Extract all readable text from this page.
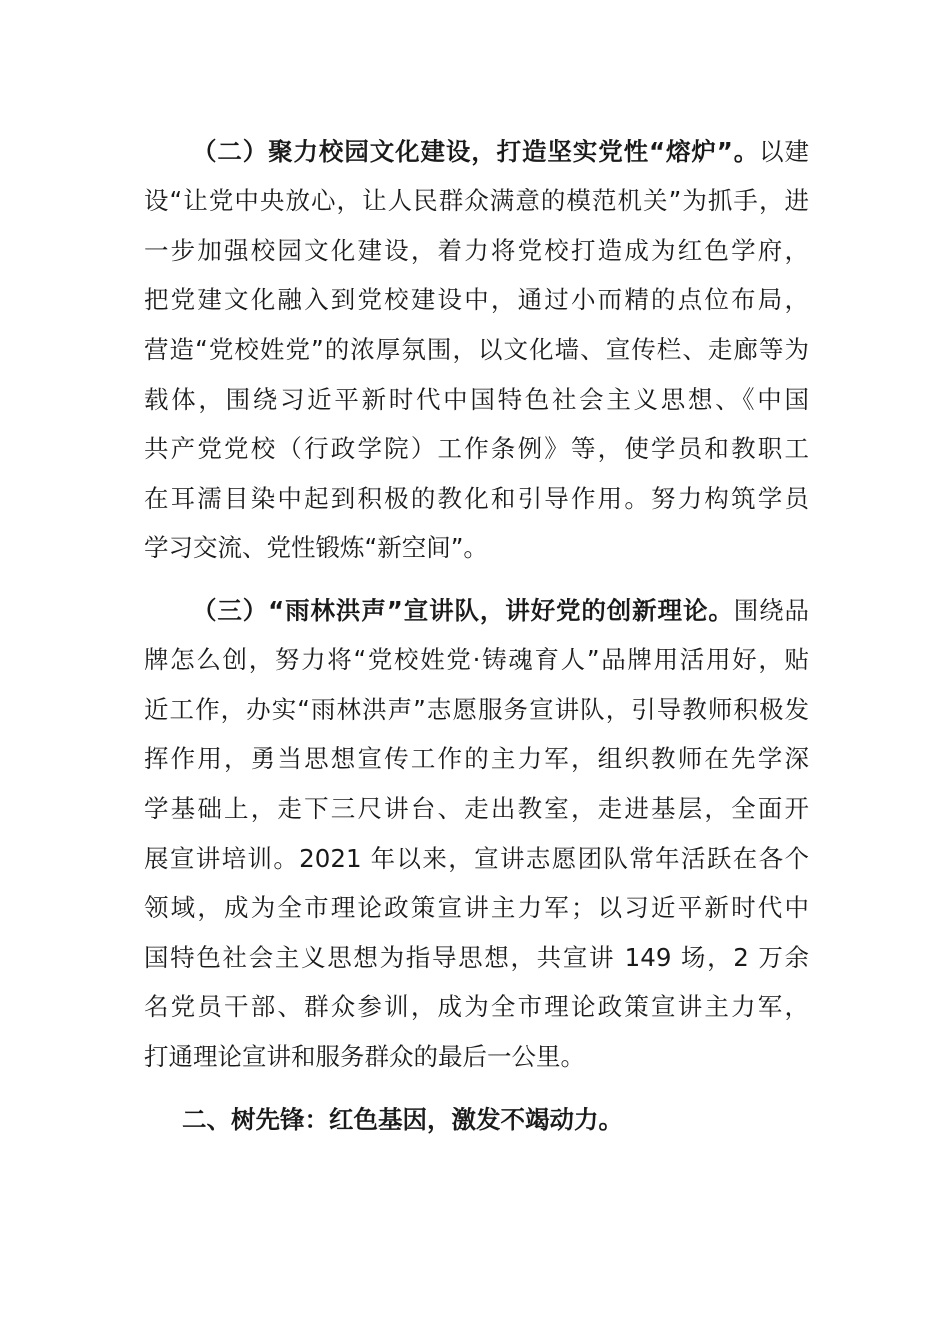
（二）聚力校园文化建设，打造坚实党性“熔炉”。以建
设“让党中央放心，让人民群众满意的模范机关”为抓手，进
一步加强校园文化建设，着力将党校打造成为红色学府，
把党建文化融入到党校建设中，通过小而精的点位布局，
营造“党校姓党”的浓厚氛围，以文化墙、宣传栏、走廊等为
载体，围绕习近平新时代中国特色社会主义思想、《中国
共产党党校（行政学院）工作条例》等，使学员和教职工
在耳濡目染中起到积极的教化和引导作用。努力构筑学员
学习交流、党性锻炼“新空间”。
（三）“雨林洪声”宣讲队，讲好党的创新理论。围绕品
牌怎么创，努力将“党校姓党·铸魂育人”品牌用活用好，贴
近工作，办实“雨林洪声”志愿服务宣讲队，引导教师积极发
挥作用，勇当思想宣传工作的主力军，组织教师在先学深
学基础上，走下三尺讲台、走出教室，走进基层，全面开
展宣讲培训。2021 年以来，宣讲志愿团队常年活跃在各个
领域，成为全市理论政策宣讲主力军；以习近平新时代中
国特色社会主义思想为指导思想，共宣讲 149 场，2 万余
名党员干部、群众参训，成为全市理论政策宣讲主力军，
打通理论宣讲和服务群众的最后一公里。
二、树先锋：红色基因，激发不竭动力。
